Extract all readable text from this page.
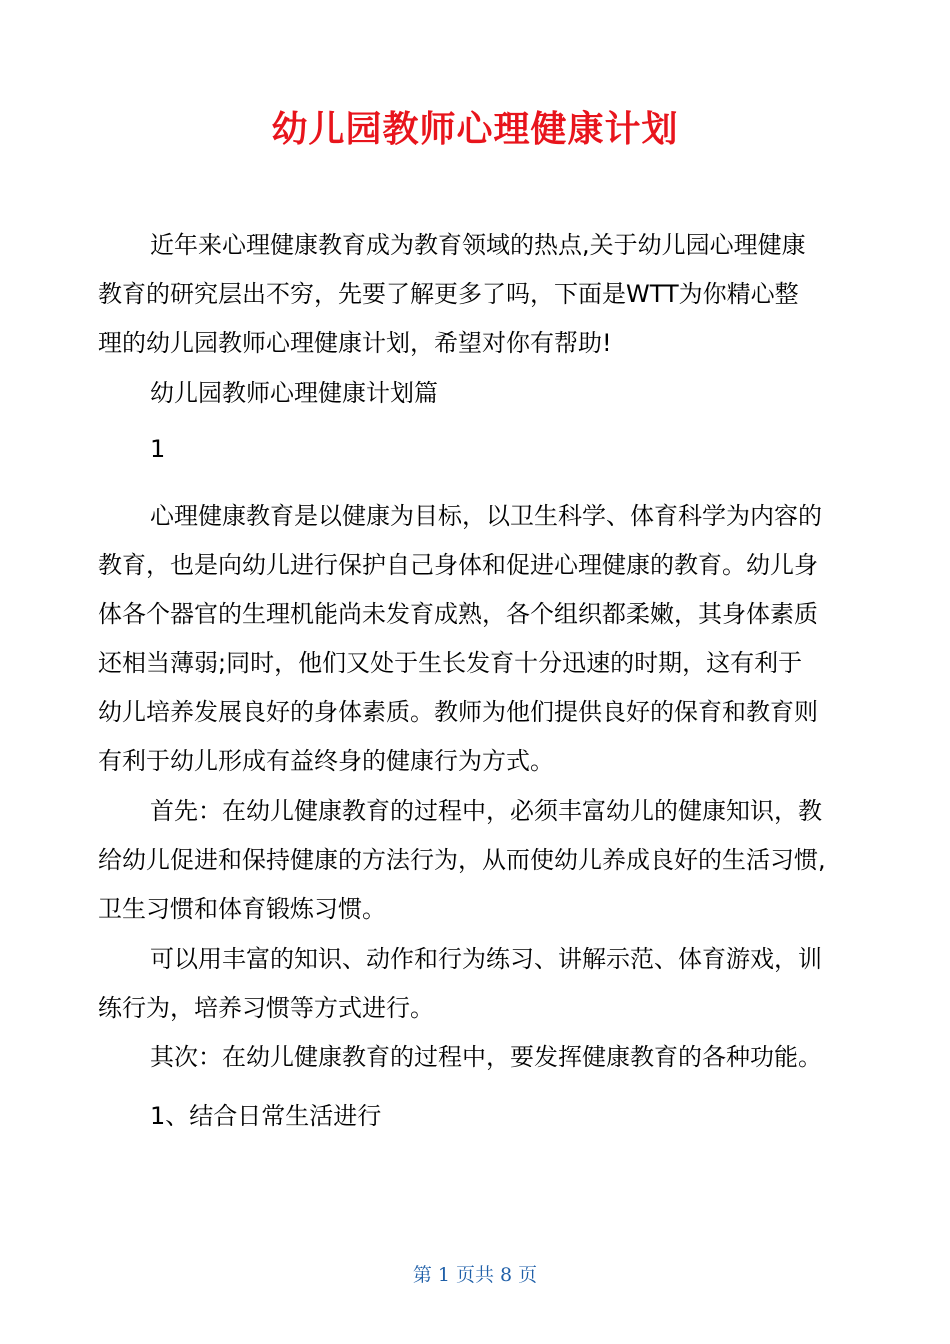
幼儿园教师心理健康计划
近年来心理健康教育成为教育领域的热点,关于幼儿园心理健康
教育的研究层出不穷，先要了解更多了吗，下面是WTT为你精心整
理的幼儿园教师心理健康计划，希望对你有帮助!
幼儿园教师心理健康计划篇
1
心理健康教育是以健康为目标，以卫生科学、体育科学为内容的
教育，也是向幼儿进行保护自己身体和促进心理健康的教育。幼儿身
体各个器官的生理机能尚未发育成熟，各个组织都柔嫩，其身体素质
还相当薄弱;同时，他们又处于生长发育十分迅速的时期，这有利于
幼儿培养发展良好的身体素质。教师为他们提供良好的保育和教育则
有利于幼儿形成有益终身的健康行为方式。
首先：在幼儿健康教育的过程中，必须丰富幼儿的健康知识，教
给幼儿促进和保持健康的方法行为，从而使幼儿养成良好的生活习惯,
卫生习惯和体育锻炼习惯。
可以用丰富的知识、动作和行为练习、讲解示范、体育游戏，训
练行为，培养习惯等方式进行。
其次：在幼儿健康教育的过程中，要发挥健康教育的各种功能。
1、结合日常生活进行
第 1 页共 8 页
